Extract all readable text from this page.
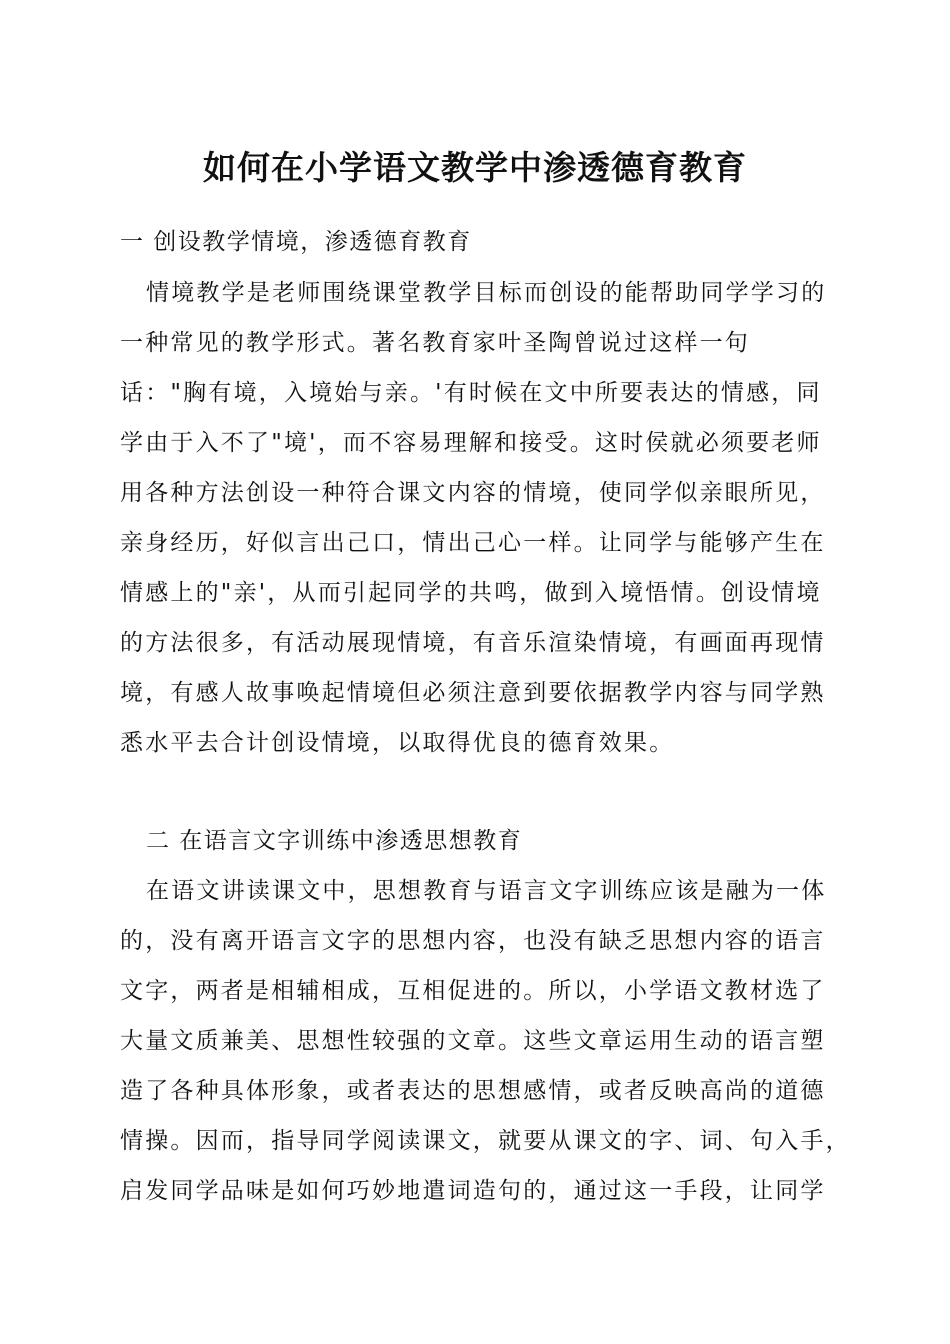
如何在小学语文教学中渗透德育教育

一 创设教学情境，渗透德育教育

情境教学是老师围绕课堂教学目标而创设的能帮助同学学习的

一种常见的教学形式。著名教育家叶圣陶曾说过这样一句

话："胸有境，入境始与亲。'有时候在文中所要表达的情感，同

学由于入不了"境'，而不容易理解和接受。这时侯就必须要老师

用各种方法创设一种符合课文内容的情境，使同学似亲眼所见，

亲身经历，好似言出己口，情出己心一样。让同学与能够产生在

情感上的"亲'，从而引起同学的共鸣，做到入境悟情。创设情境

的方法很多，有活动展现情境，有音乐渲染情境，有画面再现情

境，有感人故事唤起情境但必须注意到要依据教学内容与同学熟

悉水平去合计创设情境，以取得优良的德育效果。

二 在语言文字训练中渗透思想教育

在语文讲读课文中，思想教育与语言文字训练应该是融为一体

的，没有离开语言文字的思想内容，也没有缺乏思想内容的语言

文字，两者是相辅相成，互相促进的。所以，小学语文教材选了

大量文质兼美、思想性较强的文章。这些文章运用生动的语言塑

造了各种具体形象，或者表达的思想感情，或者反映高尚的道德

情操。因而，指导同学阅读课文，就要从课文的字、词、句入手，

启发同学品味是如何巧妙地遣词造句的，通过这一手段，让同学
